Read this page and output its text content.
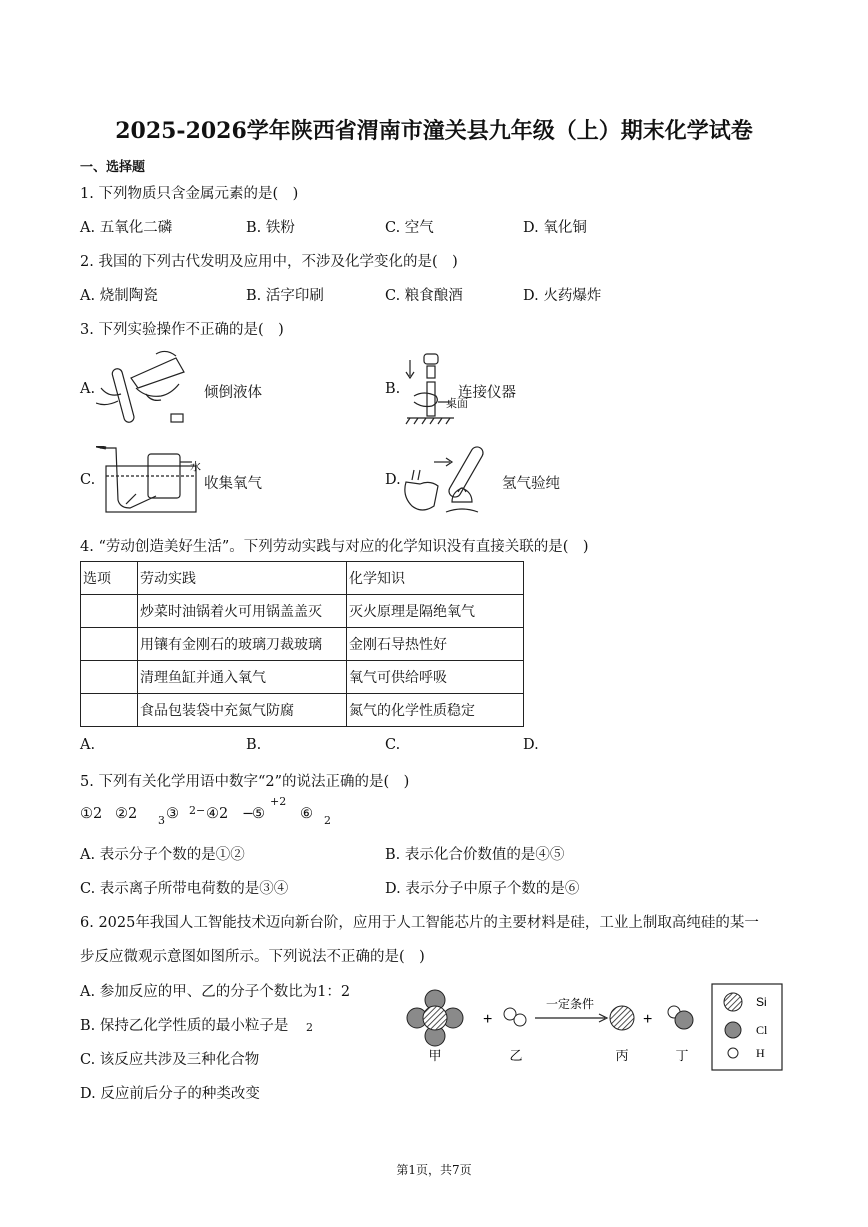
2025-2026学年陕西省渭南市潼关县九年级（上）期末化学试卷
一、选择题
1. 下列物质只含金属元素的是(　)
A. 五氧化二磷	B. 铁粉	C. 空气	D. 氧化铜
2. 我国的下列古代发明及应用中，不涉及化学变化的是(　)
A. 烧制陶瓷	B. 活字印刷	C. 粮食酿酒	D. 火药爆炸
3. 下列实验操作不正确的是(　)
A.	倾倒液体	B.
桌面
连接仪器
C.
水
收集氧气	D.	氢气验纯
4. “劳动创造美好生活”。下列劳动实践与对应的化学知识没有直接关联的是(　)
选项	劳动实践	化学知识
	炒菜时油锅着火可用锅盖盖灭	灭火原理是隔绝氧气
	用镶有金刚石的玻璃刀裁玻璃	金刚石导热性好
	清理鱼缸并通入氧气	氧气可供给呼吸
	食品包装袋中充氮气防腐	氮气的化学性质稳定
A.	B.	C.	D.
5. 下列有关化学用语中数字“2”的说法正确的是(　)
①2 ②2 3 ③ 2− ④2 −
⑤
+2
⑥ 2
A. 表示分子个数的是①②	B. 表示化合价数值的是④⑤
C. 表示离子所带电荷数的是③④	D. 表示分子中原子个数的是⑥
6. 2025年我国人工智能技术迈向新台阶，应用于人工智能芯片的主要材料是硅，工业上制取高纯硅的某一
步反应微观示意图如图所示。下列说法不正确的是(　)
A. 参加反应的甲、乙的分子个数比为1：2
B. 保持乙化学性质的最小粒子是 2
C. 该反应共涉及三种化合物
D. 反应前后分子的种类改变
+
一定条件
+
甲	乙	丙	丁
Si
Cl
H
第1页，共7页
